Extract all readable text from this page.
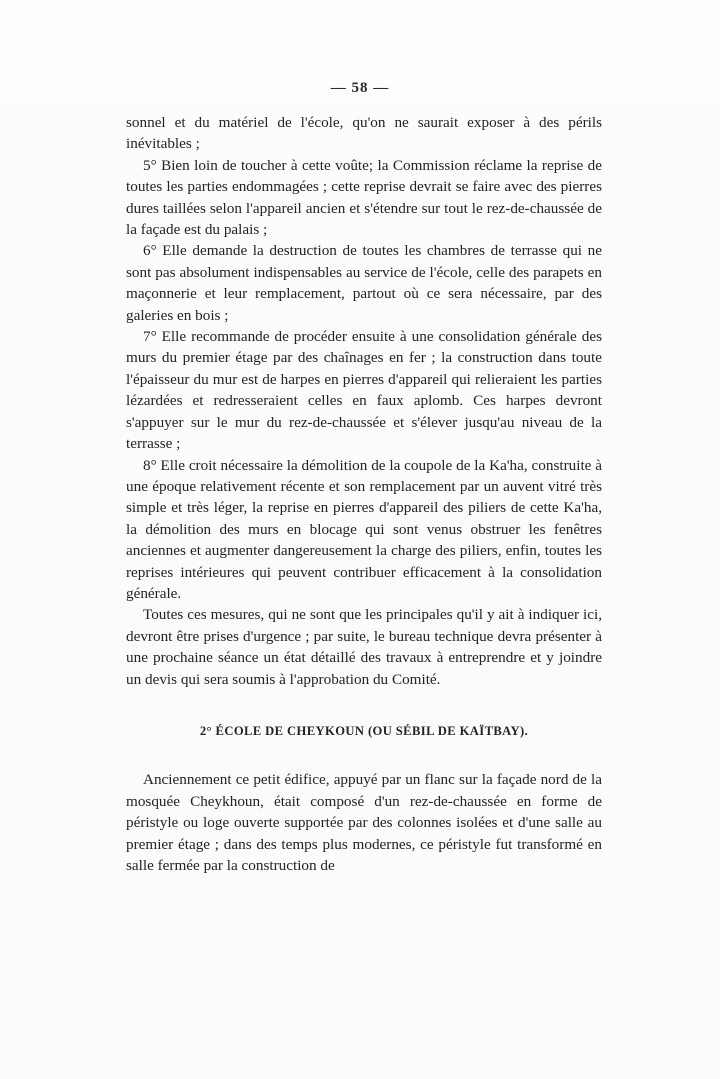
— 58 —

sonnel et du matériel de l'école, qu'on ne saurait exposer à des périls inévitables ;

5° Bien loin de toucher à cette voûte; la Commission réclame la reprise de toutes les parties endommagées ; cette reprise devrait se faire avec des pierres dures taillées selon l'appareil ancien et s'étendre sur tout le rez-de-chaussée de la façade est du palais ;

6° Elle demande la destruction de toutes les chambres de terrasse qui ne sont pas absolument indispensables au service de l'école, celle des parapets en maçonnerie et leur remplacement, partout où ce sera nécessaire, par des galeries en bois ;

7° Elle recommande de procéder ensuite à une consolidation générale des murs du premier étage par des chaînages en fer ; la construction dans toute l'épaisseur du mur est de harpes en pierres d'appareil qui relieraient les parties lézardées et redresseraient celles en faux aplomb. Ces harpes devront s'appuyer sur le mur du rez-de-chaussée et s'élever jusqu'au niveau de la terrasse ;

8° Elle croit nécessaire la démolition de la coupole de la Ka'ha, construite à une époque relativement récente et son remplacement par un auvent vitré très simple et très léger, la reprise en pierres d'appareil des piliers de cette Ka'ha, la démolition des murs en blocage qui sont venus obstruer les fenêtres anciennes et augmenter dangereusement la charge des piliers, enfin, toutes les reprises intérieures qui peuvent contribuer efficacement à la consolidation générale.

Toutes ces mesures, qui ne sont que les principales qu'il y ait à indiquer ici, devront être prises d'urgence ; par suite, le bureau technique devra présenter à une prochaine séance un état détaillé des travaux à entreprendre et y joindre un devis qui sera soumis à l'approbation du Comité.

2° ÉCOLE DE CHEYKOUN (OU SÉBIL DE KAÏTBAY).

Anciennement ce petit édifice, appuyé par un flanc sur la façade nord de la mosquée Cheykhoun, était composé d'un rez-de-chaussée en forme de péristyle ou loge ouverte supportée par des colonnes isolées et d'une salle au premier étage ; dans des temps plus modernes, ce péristyle fut transformé en salle fermée par la construction de
